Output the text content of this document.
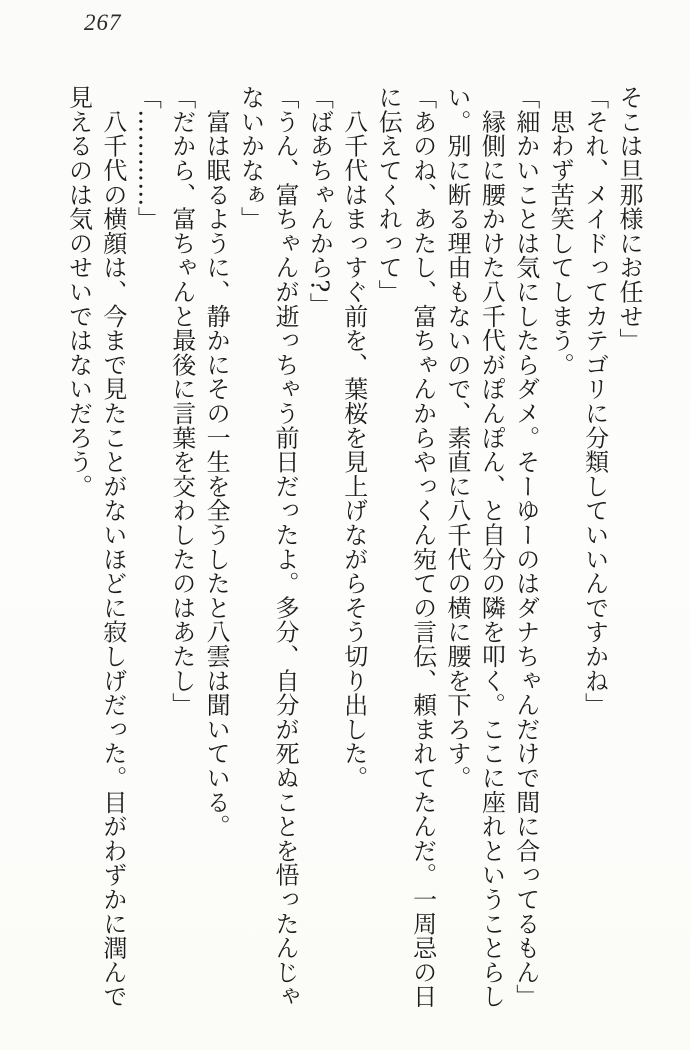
267
そこは旦那様にお任せ」
「それ、メイドってカテゴリに分類していいんですかね」
　思わず苦笑してしまう。
「細かいことは気にしたらダメ。そーゆーのはダナちゃんだけで間に合ってるもん」
　縁側に腰かけた八千代がぽんぽん、と自分の隣を叩く。ここに座れということらし
い。別に断る理由もないので、素直に八千代の横に腰を下ろす。
「あのね、あたし、富ちゃんからやっくん宛ての言伝、頼まれてたんだ。一周忌の日
に伝えてくれって」
　八千代はまっすぐ前を、葉桜を見上げながらそう切り出した。
「ばあちゃんから?」
「うん、富ちゃんが逝っちゃう前日だったよ。多分、自分が死ぬことを悟ったんじゃ
ないかなぁ」
　富は眠るように、静かにその一生を全うしたと八雲は聞いている。
「だから、富ちゃんと最後に言葉を交わしたのはあたし」
「…………」
　八千代の横顔は、今まで見たことがないほどに寂しげだった。目がわずかに潤んで
見えるのは気のせいではないだろう。
